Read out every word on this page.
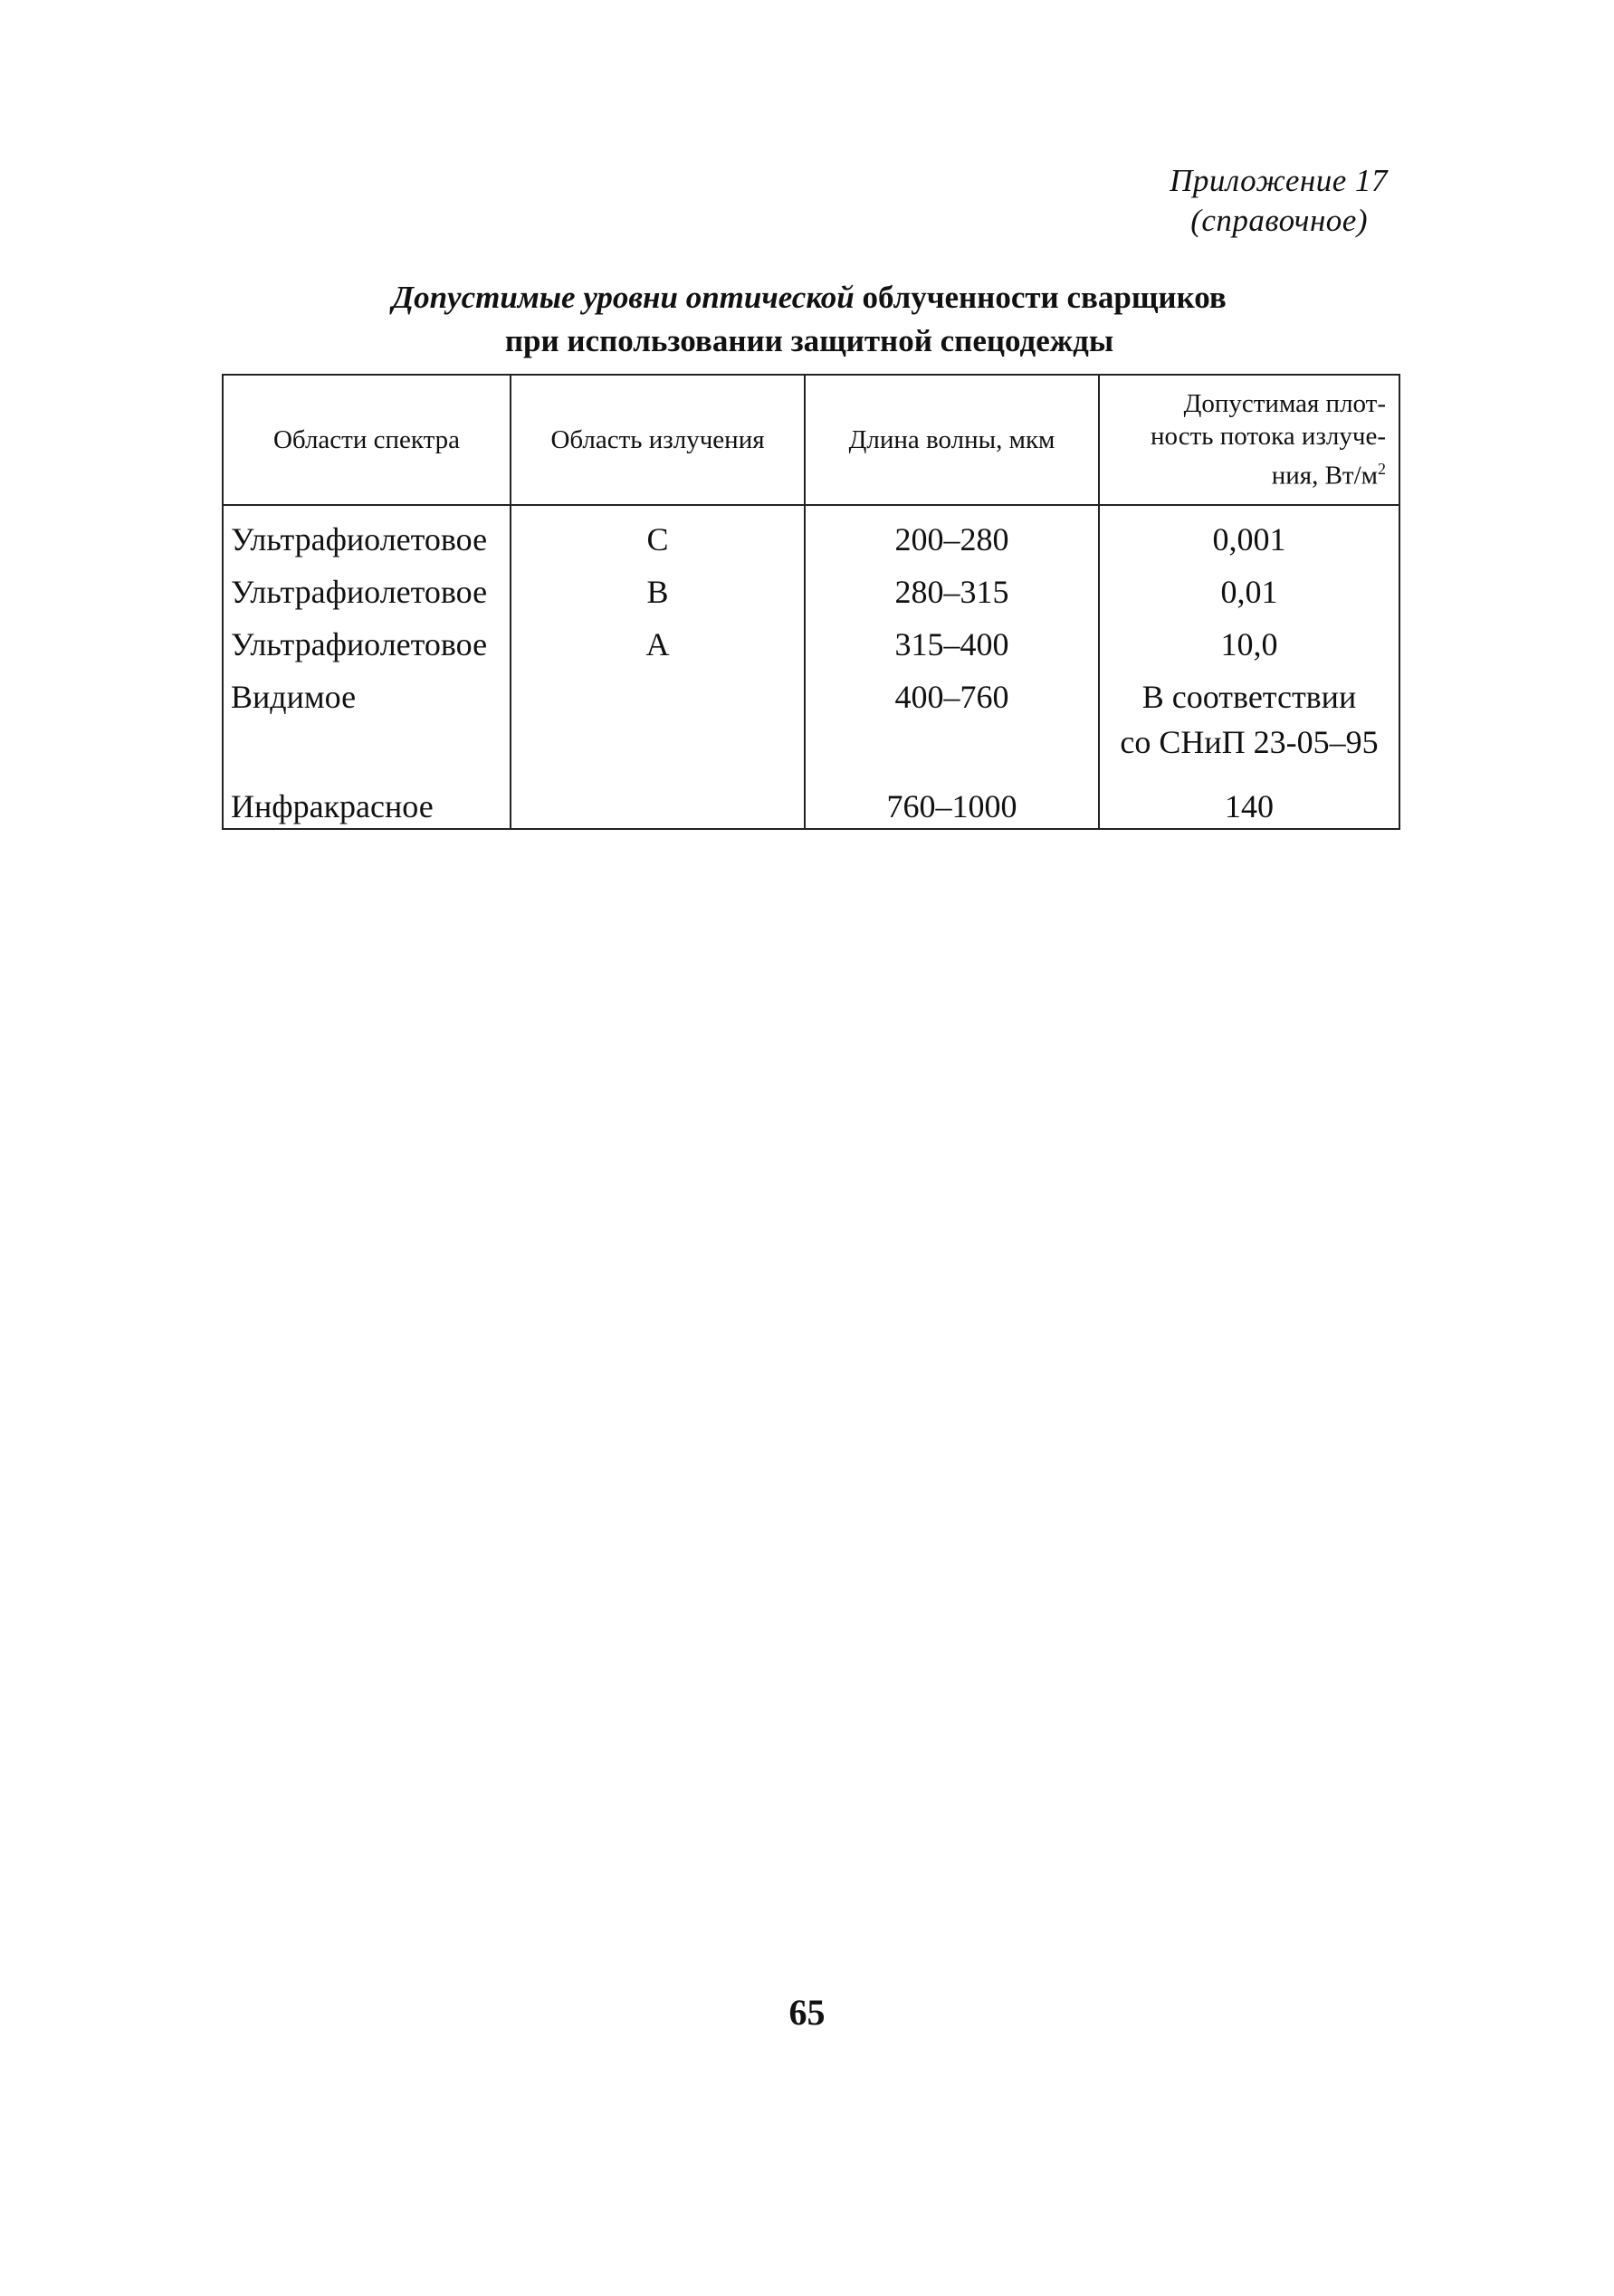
Приложение 17
(справочное)
Допустимые уровни оптической облученности сварщиков
при использовании защитной спецодежды
Области спектра	Область излучения	Длина волны, мкм	Допустимая плот-
ность потока излуче-
ния, $Вт/м^2$

Ультрафиолетовое	С	200–280	0,001
Ультрафиолетовое	В	280–315	0,01
Ультрафиолетовое	А	315–400	10,0
Видимое		400–760	В соответствии
со СНиП 23-05–95

Инфракрасное		760–1000	140
65
